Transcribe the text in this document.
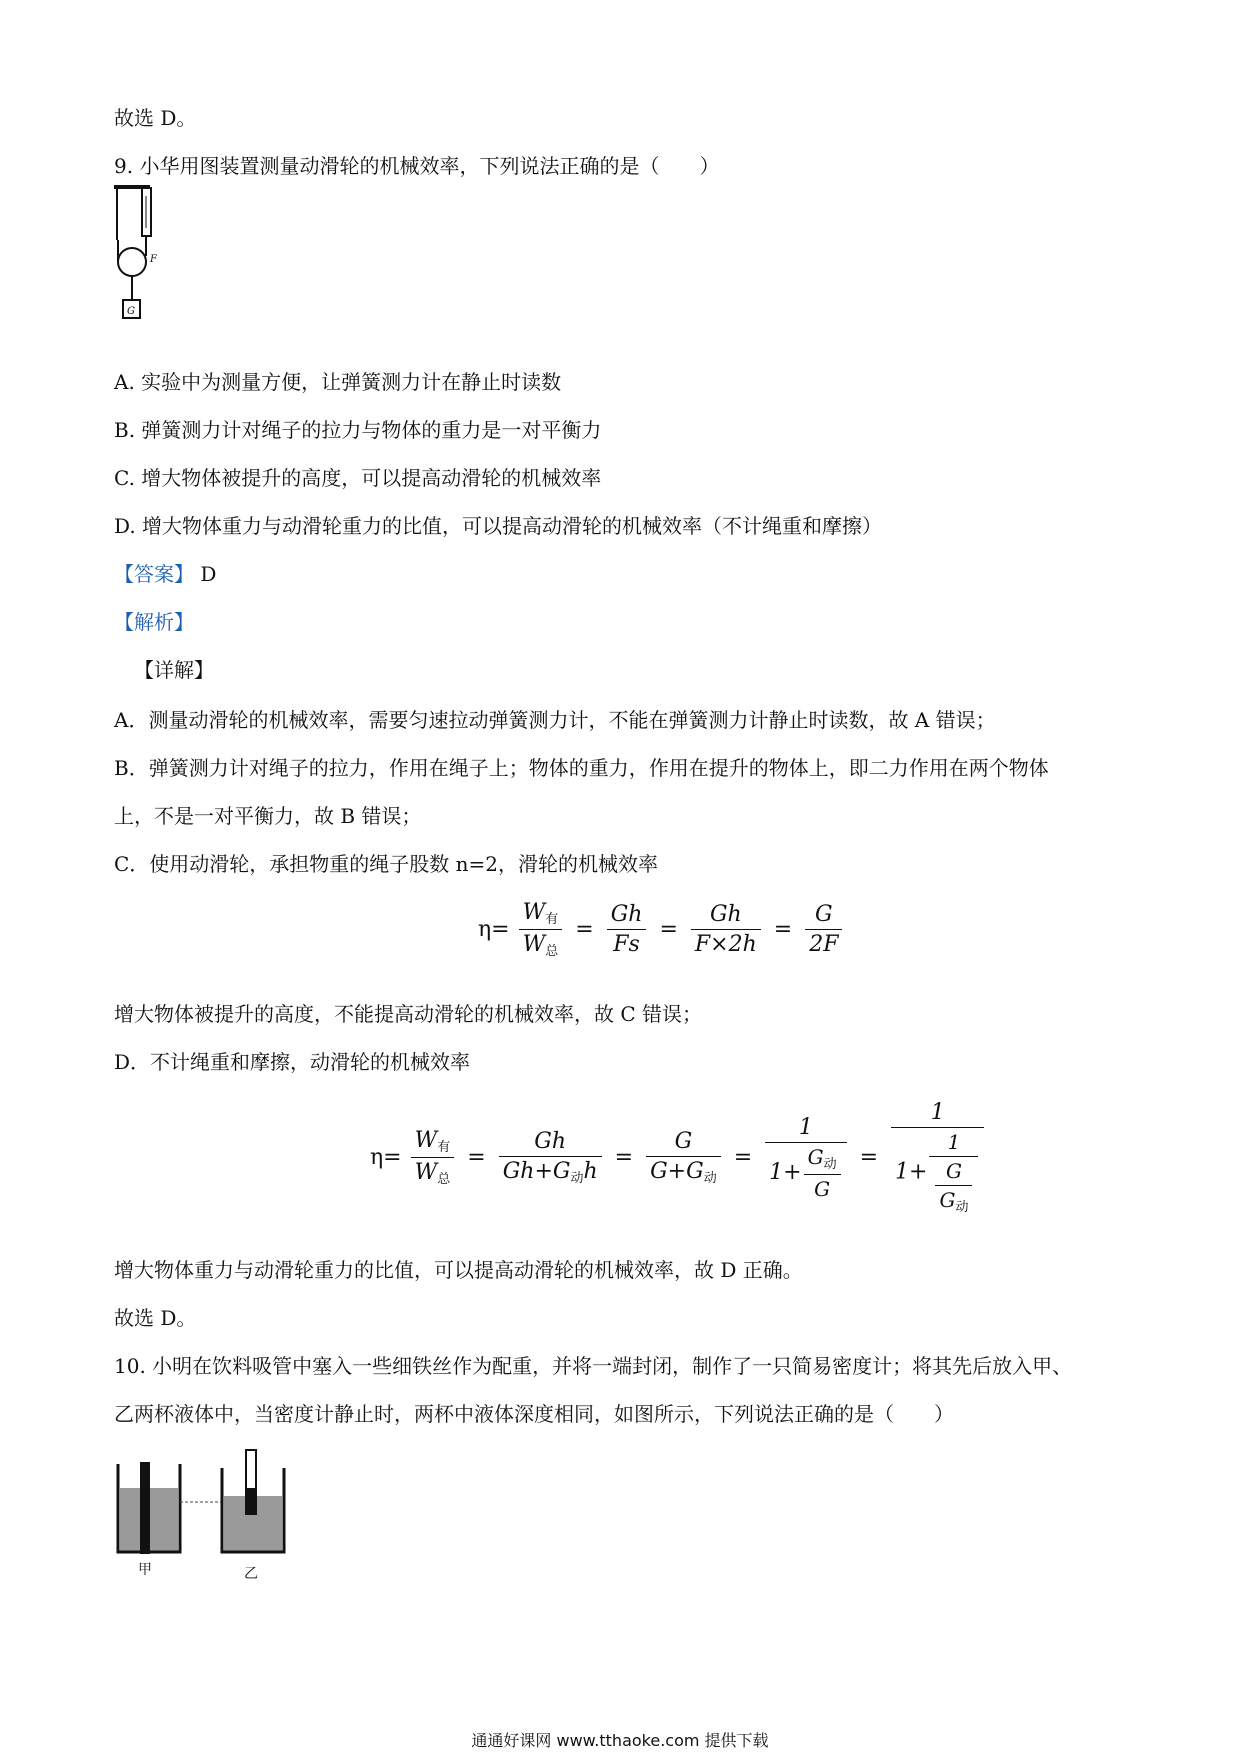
故选 D。
9. 小华用图装置测量动滑轮的机械效率，下列说法正确的是（　　）
F
G
A. 实验中为测量方便，让弹簧测力计在静止时读数
B. 弹簧测力计对绳子的拉力与物体的重力是一对平衡力
C. 增大物体被提升的高度，可以提高动滑轮的机械效率
D. 增大物体重力与动滑轮重力的比值，可以提高动滑轮的机械效率（不计绳重和摩擦）
【答案】 D
【解析】
【详解】
A．测量动滑轮的机械效率，需要匀速拉动弹簧测力计，不能在弹簧测力计静止时读数，故 A 错误；
B．弹簧测力计对绳子的拉力，作用在绳子上；物体的重力，作用在提升的物体上，即二力作用在两个物体
上，不是一对平衡力，故 B 错误；
C．使用动滑轮，承担物重的绳子股数 n=2，滑轮的机械效率
$\eta= \frac{W_有}{W_总} = \frac{Gh}{Fs} = \frac{Gh}{F\times 2h} = \frac{G}{2F}$
增大物体被提升的高度，不能提高动滑轮的机械效率，故 C 错误；
D．不计绳重和摩擦，动滑轮的机械效率
$\eta= \frac{W_有}{W_总} = \frac{Gh}{Gh+G_动h} = \frac{G}{G+G_动} = \frac{1}{1+ \frac{G_动}{G}} = \frac{1}{1+ \frac{1}{\frac{G}{G_动}}}$
增大物体重力与动滑轮重力的比值，可以提高动滑轮的机械效率，故 D 正确。
故选 D。
10. 小明在饮料吸管中塞入一些细铁丝作为配重，并将一端封闭，制作了一只简易密度计；将其先后放入甲、
乙两杯液体中，当密度计静止时，两杯中液体深度相同，如图所示，下列说法正确的是（　　）
甲	乙
通通好课网 www.tthaoke.com 提供下载
